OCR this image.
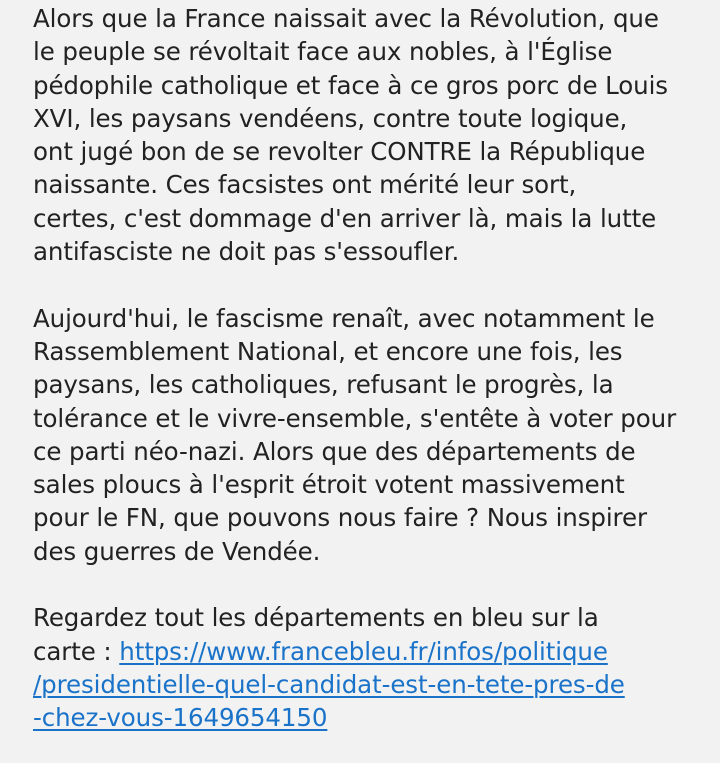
Alors que la France naissait avec la Révolution, que
le peuple se révoltait face aux nobles, à l'Église
pédophile catholique et face à ce gros porc de Louis
XVI, les paysans vendéens, contre toute logique,
ont jugé bon de se revolter CONTRE la République
naissante. Ces facsistes ont mérité leur sort,
certes, c'est dommage d'en arriver là, mais la lutte
antifasciste ne doit pas s'essoufler.
Aujourd'hui, le fascisme renaît, avec notamment le
Rassemblement National, et encore une fois, les
paysans, les catholiques, refusant le progrès, la
tolérance et le vivre-ensemble, s'entête à voter pour
ce parti néo-nazi. Alors que des départements de
sales ploucs à l'esprit étroit votent massivement
pour le FN, que pouvons nous faire ? Nous inspirer
des guerres de Vendée.
Regardez tout les départements en bleu sur la
carte : https://www.francebleu.fr/infos/politique
/presidentielle-quel-candidat-est-en-tete-pres-de
-chez-vous-1649654150
